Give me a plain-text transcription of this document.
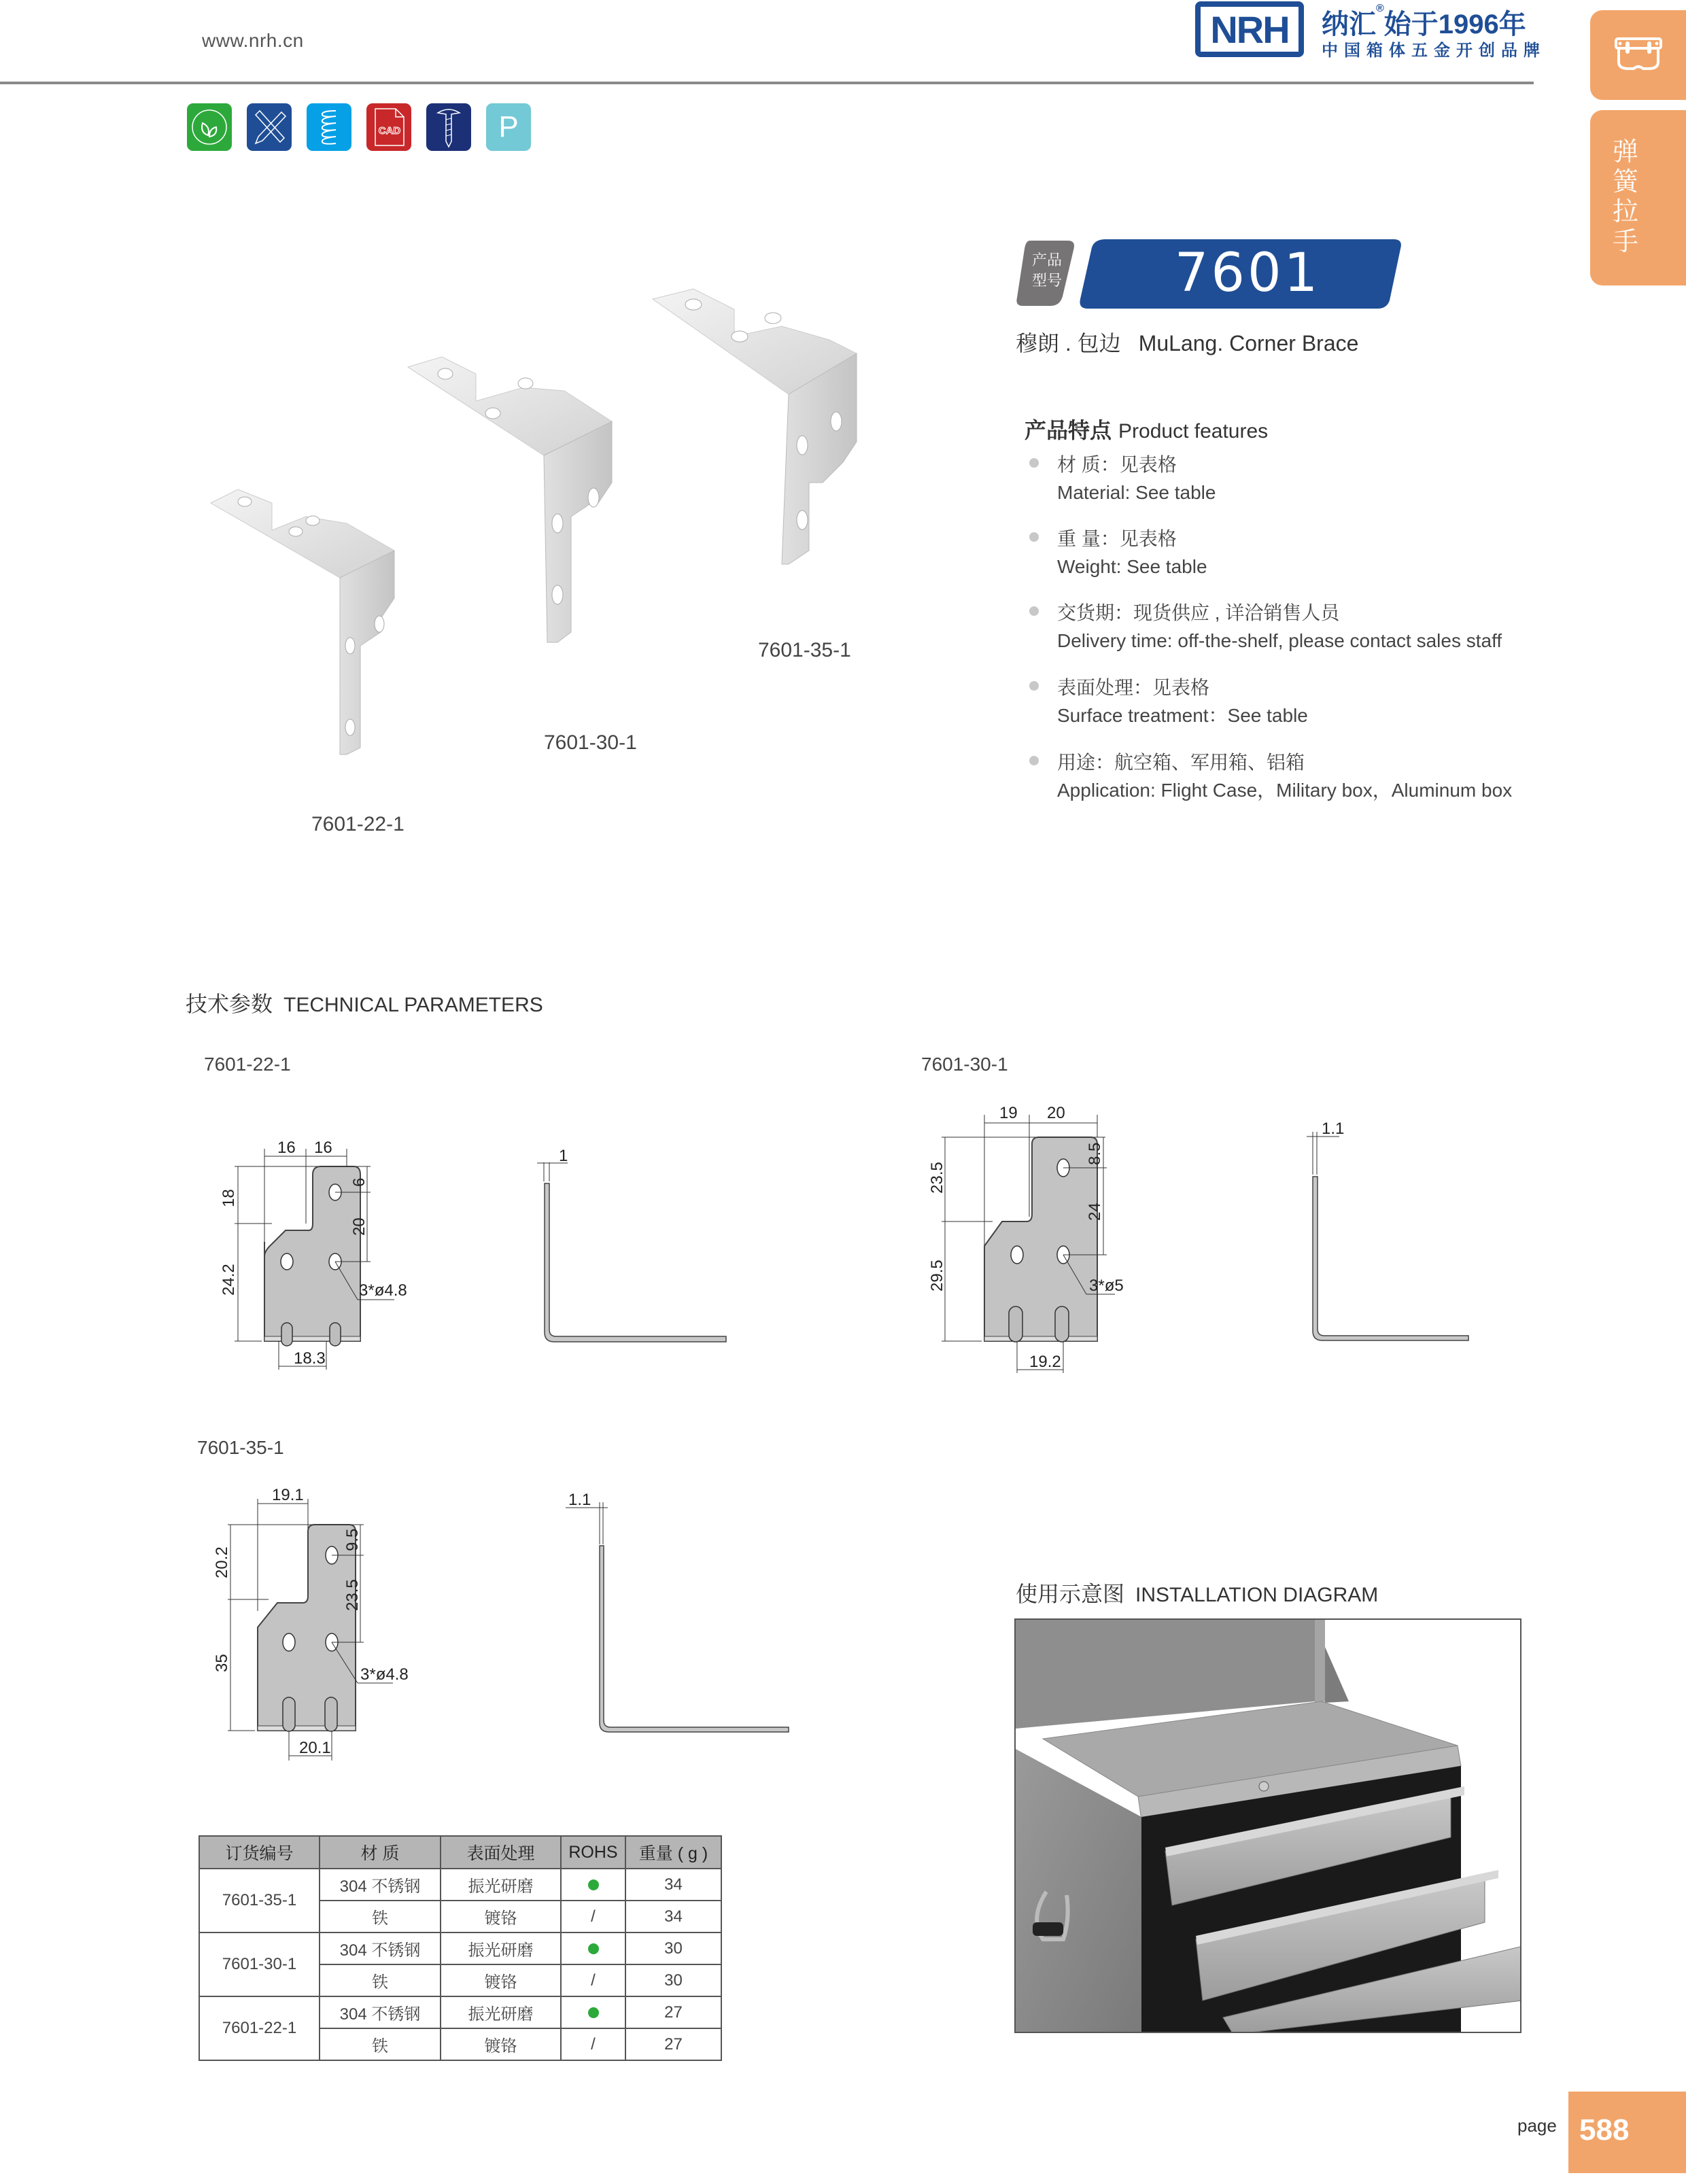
www.nrh.cn	NRH 纳汇®始于1996年
中国箱体五金开创品牌
弹簧拉手
CAD	P
产品
型号 7601
穆朗 . 包边 MuLang. Corner Brace
产品特点 Product features
材 质：见表格
Material: See table
重 量：见表格
Weight: See table
交货期：现货供应 , 详洽销售人员
Delivery time: off-the-shelf, please contact sales staff
表面处理：见表格
Surface treatment：See table
用途：航空箱、军用箱、铝箱
Application: Flight Case，Military box，Aluminum box
7601-22-1
7601-30-1
7601-35-1
技术参数 TECHNICAL PARAMETERS
7601-22-1
16 16
18
24.2
6
20
3*ø4.8
18.3
1
7601-30-1
19 20
23.5
29.5
8.5
24
3*ø5
19.2
1.1
7601-35-1
19.1
20.2
35
9.5
23.5
3*ø4.8
20.1
1.1
订货编号	材 质	表面处理	ROHS	重量 ( g )
7601-35-1	304 不锈钢	振光研磨		34
	铁	镀铬	/	34
7601-30-1	304 不锈钢	振光研磨		30
	铁	镀铬	/	30
7601-22-1	304 不锈钢	振光研磨		27
	铁	镀铬	/	27
使用示意图 INSTALLATION DIAGRAM
page 588
